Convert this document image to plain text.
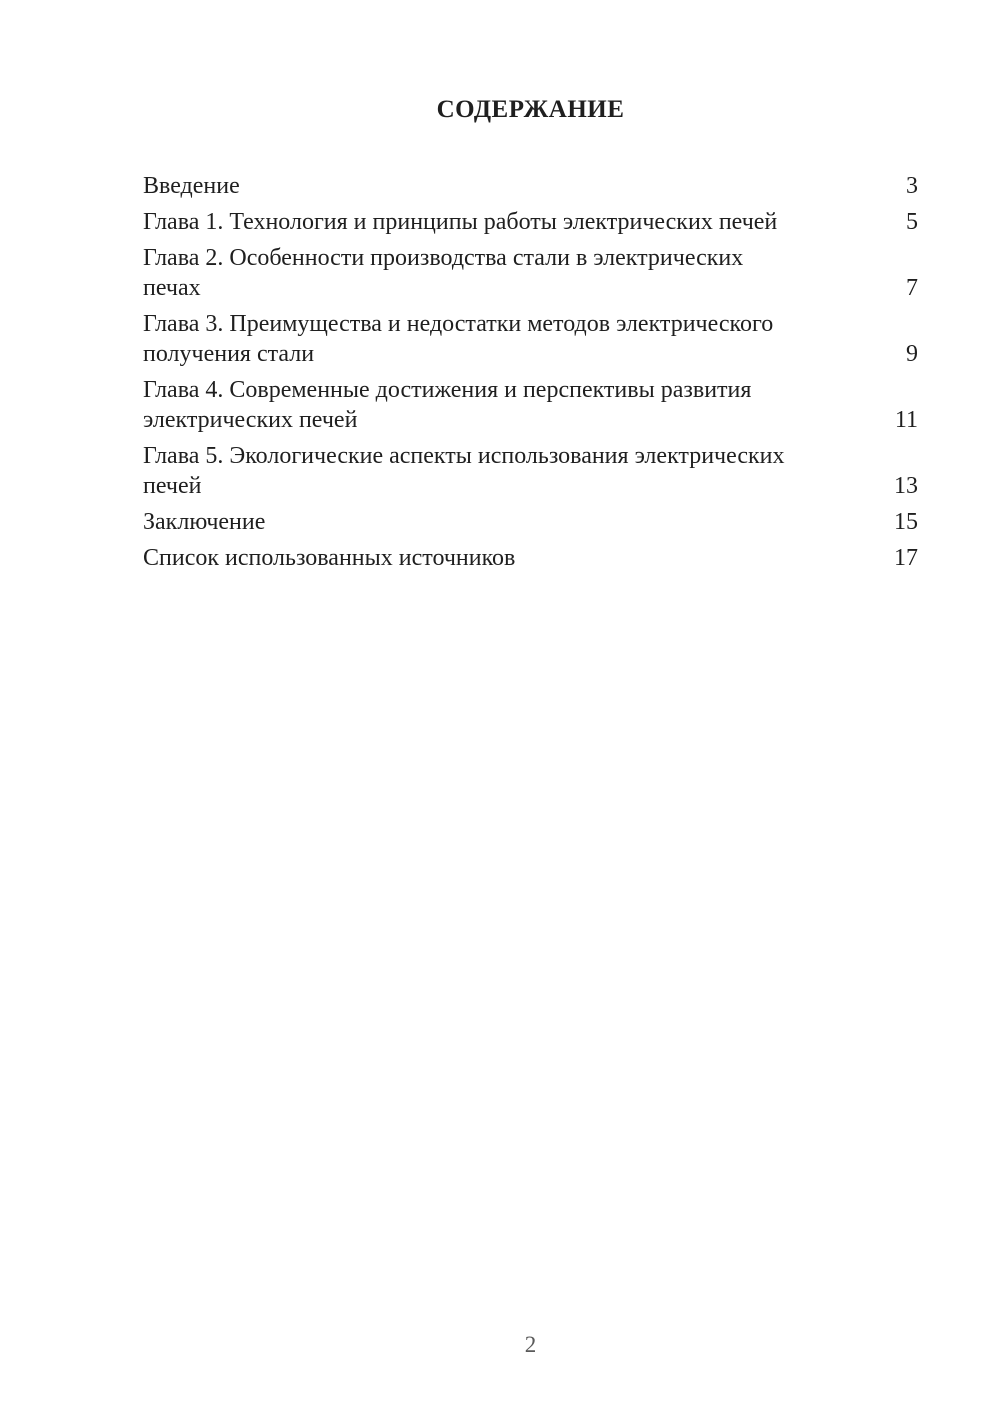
СОДЕРЖАНИЕ
Введение	3
Глава 1. Технология и принципы работы электрических печей	5
Глава 2. Особенности производства стали в электрических
печах	7
Глава 3. Преимущества и недостатки методов электрического
получения стали	9
Глава 4. Современные достижения и перспективы развития
электрических печей	11
Глава 5. Экологические аспекты использования электрических
печей	13
Заключение	15
Список использованных источников	17
2
